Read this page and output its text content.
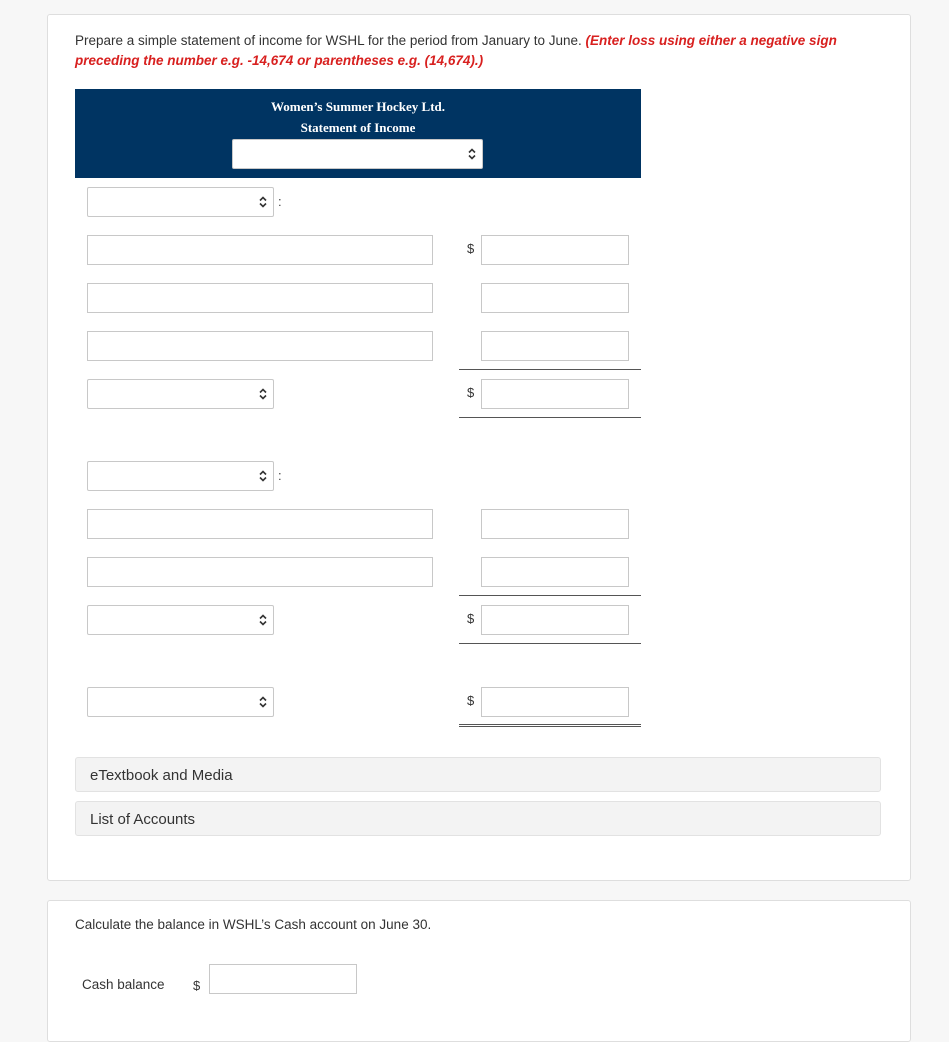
Prepare a simple statement of income for WSHL for the period from January to June. (Enter loss using either a negative sign preceding the number e.g. -14,674 or parentheses e.g. (14,674).)
Women’s Summer Hockey Ltd.
Statement of Income
:
$
$
:
$
$
eTextbook and Media
List of Accounts
Calculate the balance in WSHL’s Cash account on June 30.
Cash balance $
